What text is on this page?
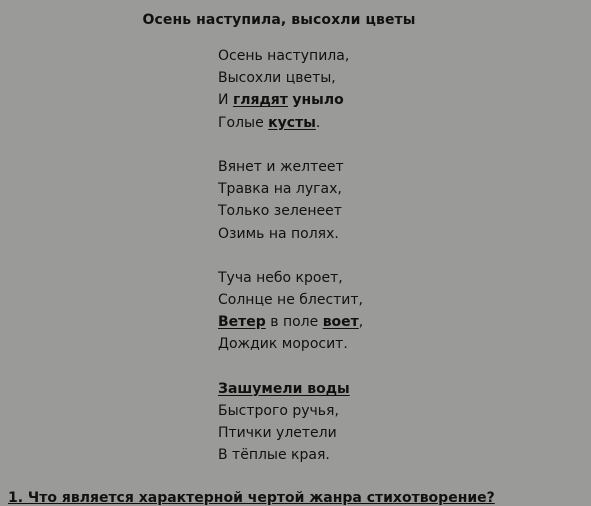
Осень наступила, высохли цветы
Осень наступила,
Высохли цветы,
И глядят уныло
Голые кусты.
Вянет и желтеет
Травка на лугах,
Только зеленеет
Озимь на полях.
Туча небо кроет,
Солнце не блестит,
Ветер в поле воет,
Дождик моросит.
Зашумели воды
Быстрого ручья,
Птички улетели
В тёплые края.
1. Что является характерной чертой жанра стихотворение?
